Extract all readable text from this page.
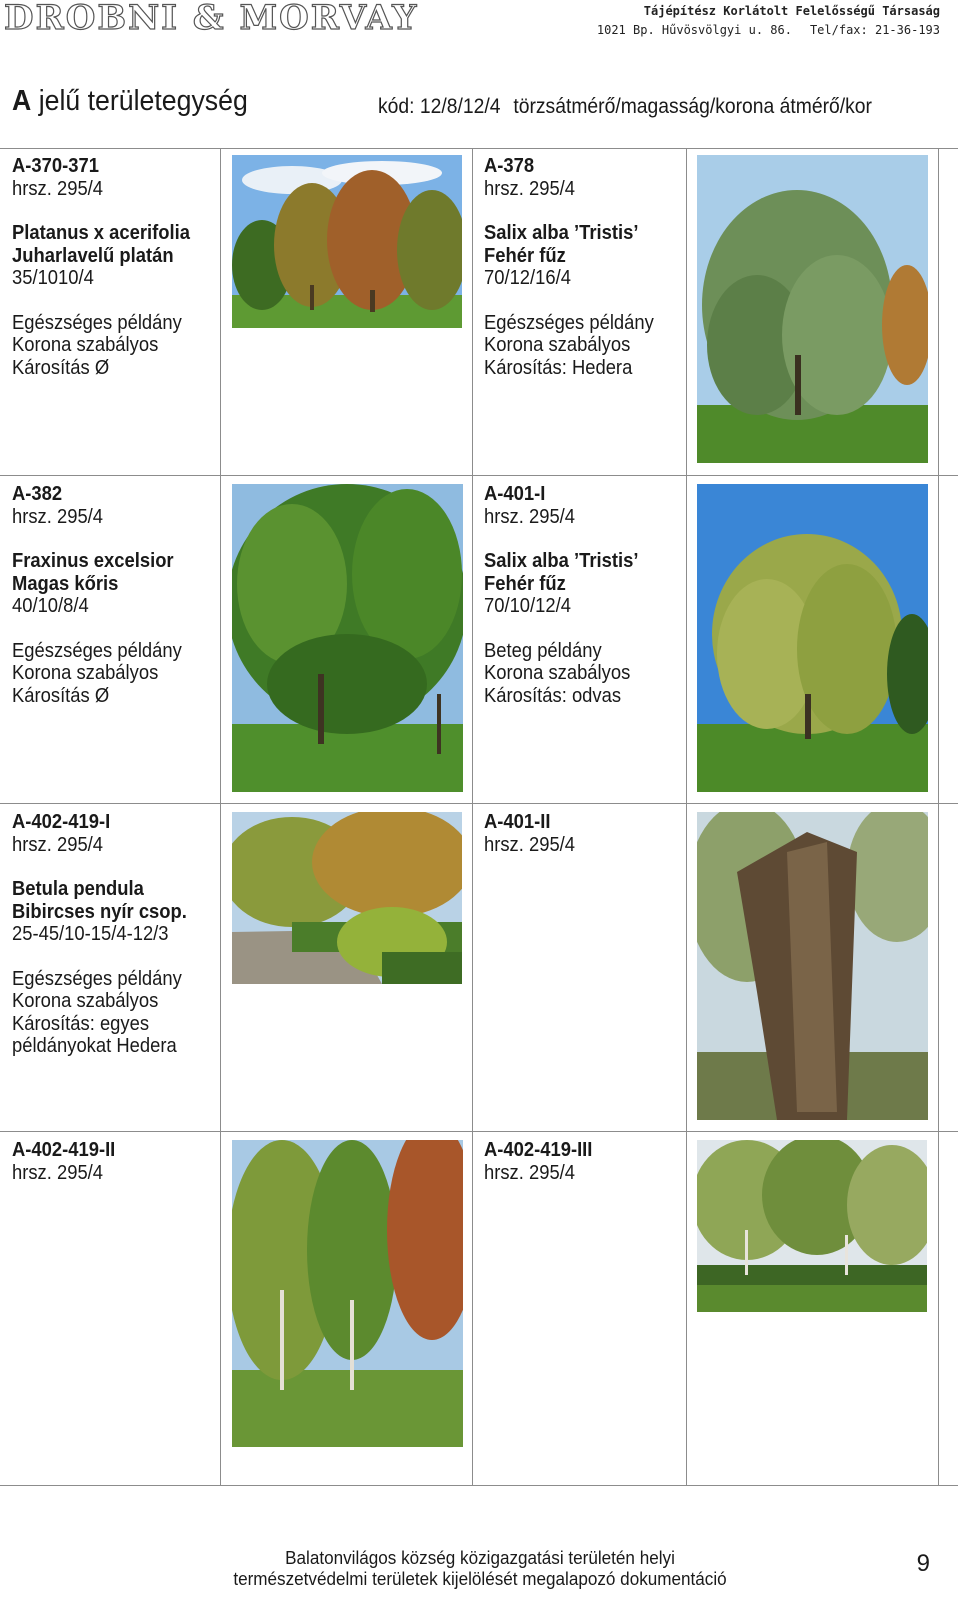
DROBNI & MORVAY	Tájépítész Korlátolt Felelősségű Társaság
1021 Bp. Hűvösvölgyi u. 86. Tel/fax: 21-36-193
A jelű területegység	kód: 12/8/12/4 törzsátmérő/magasság/korona átmérő/kor
A-370-371
hrsz. 295/4
Platanus x acerifolia
Juharlavelű platán
35/1010/4
Egészséges példány
Korona szabályos
Károsítás Ø
A-378
hrsz. 295/4
Salix alba ’Tristis’
Fehér fűz
70/12/16/4
Egészséges példány
Korona szabályos
Károsítás: Hedera
A-382
hrsz. 295/4
Fraxinus excelsior
Magas kőris
40/10/8/4
Egészséges példány
Korona szabályos
Károsítás Ø
A-401-I
hrsz. 295/4
Salix alba ’Tristis’
Fehér fűz
70/10/12/4
Beteg példány
Korona szabályos
Károsítás: odvas
A-402-419-I
hrsz. 295/4
Betula pendula
Bibircses nyír csop.
25-45/10-15/4-12/3
Egészséges példány
Korona szabályos
Károsítás: egyes
példányokat Hedera
A-401-II
hrsz. 295/4
A-402-419-II
hrsz. 295/4
A-402-419-III
hrsz. 295/4
Balatonvilágos község közigazgatási területén helyi
természetvédelmi területek kijelölését megalapozó dokumentáció
9
